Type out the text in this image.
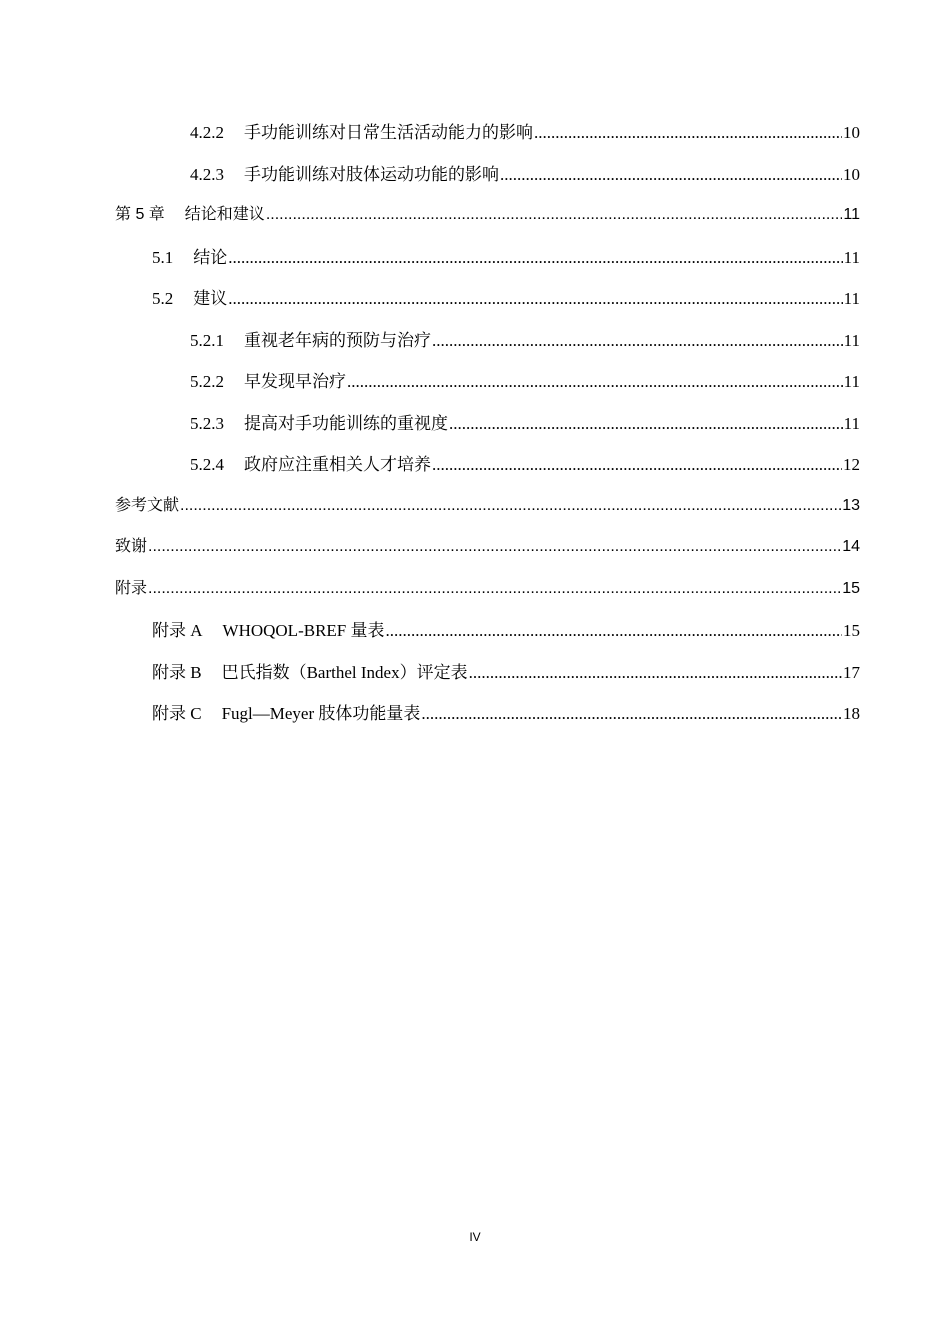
4.2.2 手功能训练对日常生活活动能力的影响 .....	10
4.2.3 手功能训练对肢体运动功能的影响 .....	10
第 5 章 结论和建议 .....	11
5.1 结论 .....	11
5.2 建议 .....	11
5.2.1 重视老年病的预防与治疗 .....	11
5.2.2 早发现早治疗 .....	11
5.2.3 提高对手功能训练的重视度 .....	11
5.2.4 政府应注重相关人才培养 .....	12
参考文献 .....	13
致谢 .....	14
附录 .....	15
附录 A WHOQOL-BREF 量表 .....	15
附录 B 巴氏指数（Barthel Index）评定表 .....	17
附录 C Fugl—Meyer 肢体功能量表 .....	18
IV
